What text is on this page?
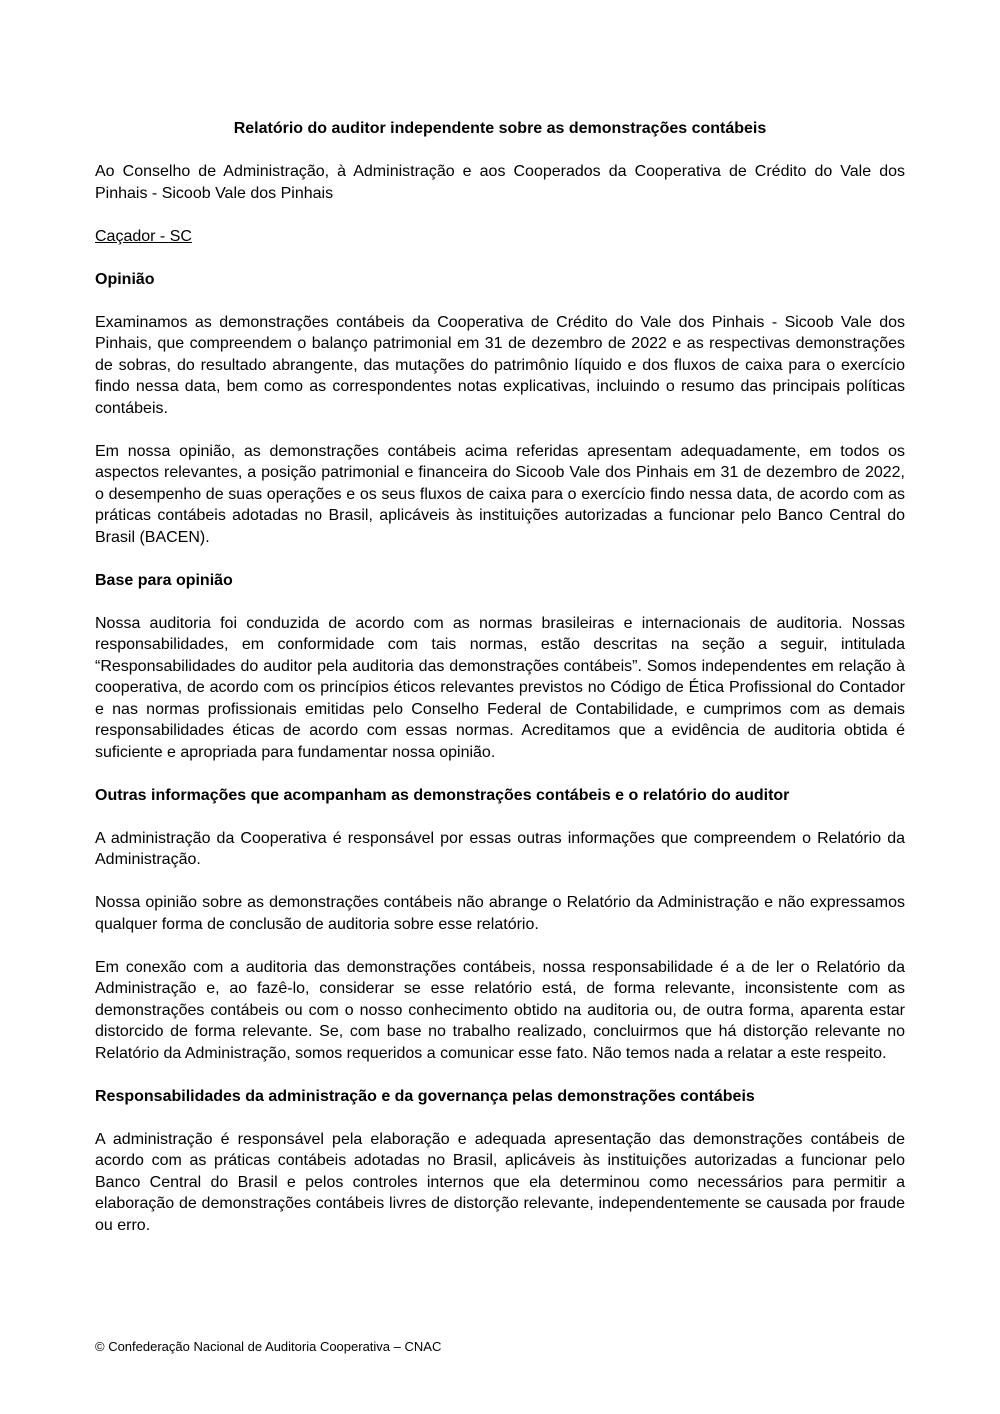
Relatório do auditor independente sobre as demonstrações contábeis

Ao Conselho de Administração, à Administração e aos Cooperados da Cooperativa de Crédito do Vale dos Pinhais - Sicoob Vale dos Pinhais

Caçador - SC

Opinião

Examinamos as demonstrações contábeis da Cooperativa de Crédito do Vale dos Pinhais - Sicoob Vale dos Pinhais, que compreendem o balanço patrimonial em 31 de dezembro de 2022 e as respectivas demonstrações de sobras, do resultado abrangente, das mutações do patrimônio líquido e dos fluxos de caixa para o exercício findo nessa data, bem como as correspondentes notas explicativas, incluindo o resumo das principais políticas contábeis.

Em nossa opinião, as demonstrações contábeis acima referidas apresentam adequadamente, em todos os aspectos relevantes, a posição patrimonial e financeira do Sicoob Vale dos Pinhais em 31 de dezembro de 2022, o desempenho de suas operações e os seus fluxos de caixa para o exercício findo nessa data, de acordo com as práticas contábeis adotadas no Brasil, aplicáveis às instituições autorizadas a funcionar pelo Banco Central do Brasil (BACEN).

Base para opinião

Nossa auditoria foi conduzida de acordo com as normas brasileiras e internacionais de auditoria. Nossas responsabilidades, em conformidade com tais normas, estão descritas na seção a seguir, intitulada “Responsabilidades do auditor pela auditoria das demonstrações contábeis”. Somos independentes em relação à cooperativa, de acordo com os princípios éticos relevantes previstos no Código de Ética Profissional do Contador e nas normas profissionais emitidas pelo Conselho Federal de Contabilidade, e cumprimos com as demais responsabilidades éticas de acordo com essas normas. Acreditamos que a evidência de auditoria obtida é suficiente e apropriada para fundamentar nossa opinião.

Outras informações que acompanham as demonstrações contábeis e o relatório do auditor

A administração da Cooperativa é responsável por essas outras informações que compreendem o Relatório da Administração.

Nossa opinião sobre as demonstrações contábeis não abrange o Relatório da Administração e não expressamos qualquer forma de conclusão de auditoria sobre esse relatório.

Em conexão com a auditoria das demonstrações contábeis, nossa responsabilidade é a de ler o Relatório da Administração e, ao fazê-lo, considerar se esse relatório está, de forma relevante, inconsistente com as demonstrações contábeis ou com o nosso conhecimento obtido na auditoria ou, de outra forma, aparenta estar distorcido de forma relevante. Se, com base no trabalho realizado, concluirmos que há distorção relevante no Relatório da Administração, somos requeridos a comunicar esse fato. Não temos nada a relatar a este respeito.

Responsabilidades da administração e da governança pelas demonstrações contábeis

A administração é responsável pela elaboração e adequada apresentação das demonstrações contábeis de acordo com as práticas contábeis adotadas no Brasil, aplicáveis às instituições autorizadas a funcionar pelo Banco Central do Brasil e pelos controles internos que ela determinou como necessários para permitir a elaboração de demonstrações contábeis livres de distorção relevante, independentemente se causada por fraude ou erro.

© Confederação Nacional de Auditoria Cooperativa – CNAC
